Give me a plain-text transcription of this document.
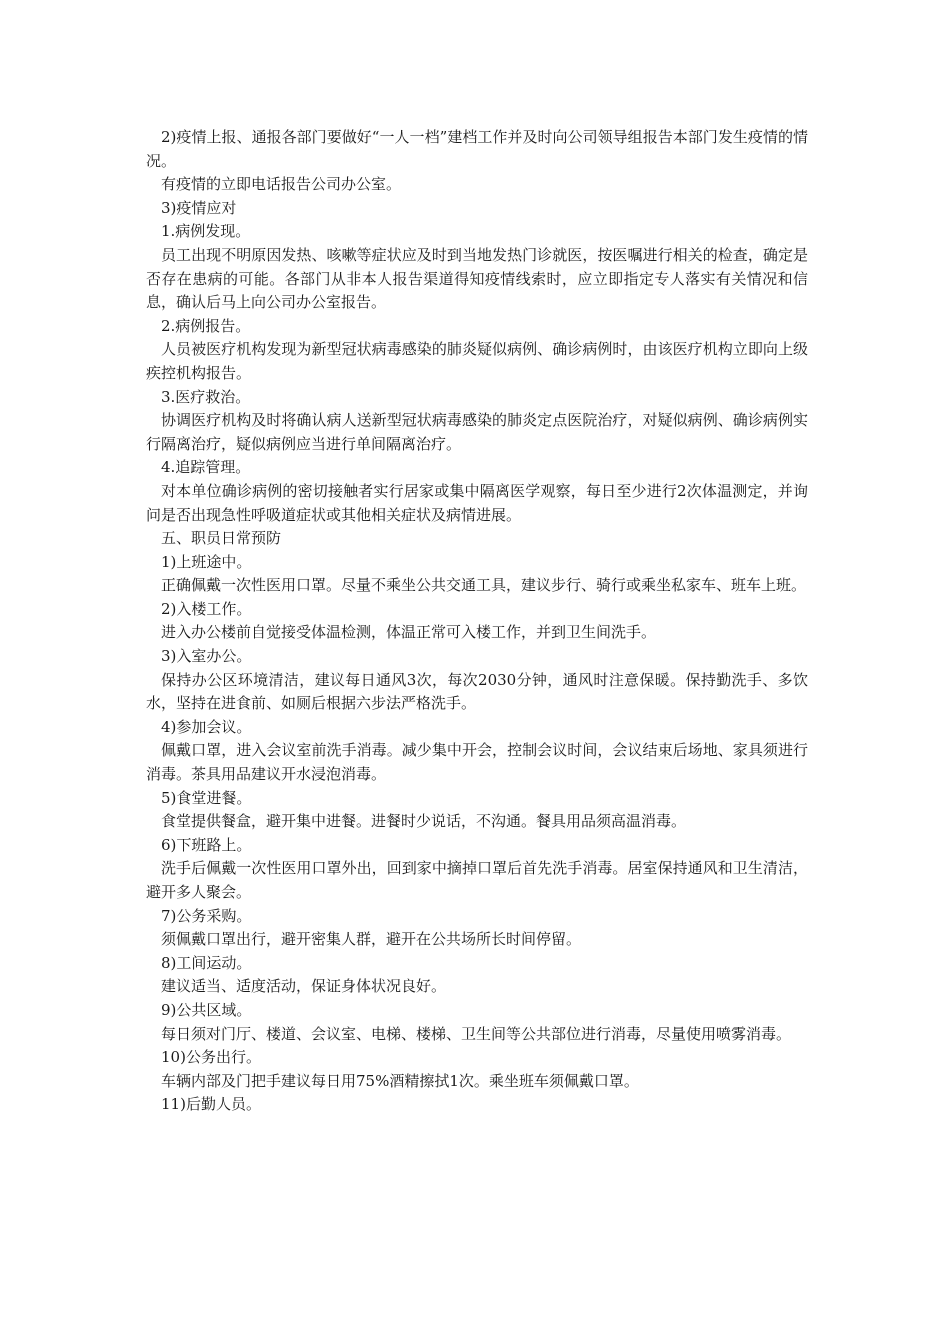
2)疫情上报、通报各部门要做好“一人一档”建档工作并及时向公司领导组报告本部门发生疫情的情况。

有疫情的立即电话报告公司办公室。

3)疫情应对

1.病例发现。

员工出现不明原因发热、咳嗽等症状应及时到当地发热门诊就医，按医嘱进行相关的检查，确定是否存在患病的可能。各部门从非本人报告渠道得知疫情线索时，应立即指定专人落实有关情况和信息，确认后马上向公司办公室报告。

2.病例报告。

人员被医疗机构发现为新型冠状病毒感染的肺炎疑似病例、确诊病例时，由该医疗机构立即向上级疾控机构报告。

3.医疗救治。

协调医疗机构及时将确认病人送新型冠状病毒感染的肺炎定点医院治疗，对疑似病例、确诊病例实行隔离治疗，疑似病例应当进行单间隔离治疗。

4.追踪管理。

对本单位确诊病例的密切接触者实行居家或集中隔离医学观察，每日至少进行2次体温测定，并询问是否出现急性呼吸道症状或其他相关症状及病情进展。

五、职员日常预防

1)上班途中。

正确佩戴一次性医用口罩。尽量不乘坐公共交通工具，建议步行、骑行或乘坐私家车、班车上班。

2)入楼工作。

进入办公楼前自觉接受体温检测，体温正常可入楼工作，并到卫生间洗手。

3)入室办公。

保持办公区环境清洁，建议每日通风3次，每次2030分钟，通风时注意保暖。保持勤洗手、多饮水，坚持在进食前、如厕后根据六步法严格洗手。

4)参加会议。

佩戴口罩，进入会议室前洗手消毒。减少集中开会，控制会议时间，会议结束后场地、家具须进行消毒。茶具用品建议开水浸泡消毒。

5)食堂进餐。

食堂提供餐盒，避开集中进餐。进餐时少说话，不沟通。餐具用品须高温消毒。

6)下班路上。

洗手后佩戴一次性医用口罩外出，回到家中摘掉口罩后首先洗手消毒。居室保持通风和卫生清洁，避开多人聚会。

7)公务采购。

须佩戴口罩出行，避开密集人群，避开在公共场所长时间停留。

8)工间运动。

建议适当、适度活动，保证身体状况良好。

9)公共区域。

每日须对门厅、楼道、会议室、电梯、楼梯、卫生间等公共部位进行消毒，尽量使用喷雾消毒。

10)公务出行。

车辆内部及门把手建议每日用75%酒精擦拭1次。乘坐班车须佩戴口罩。

11)后勤人员。
